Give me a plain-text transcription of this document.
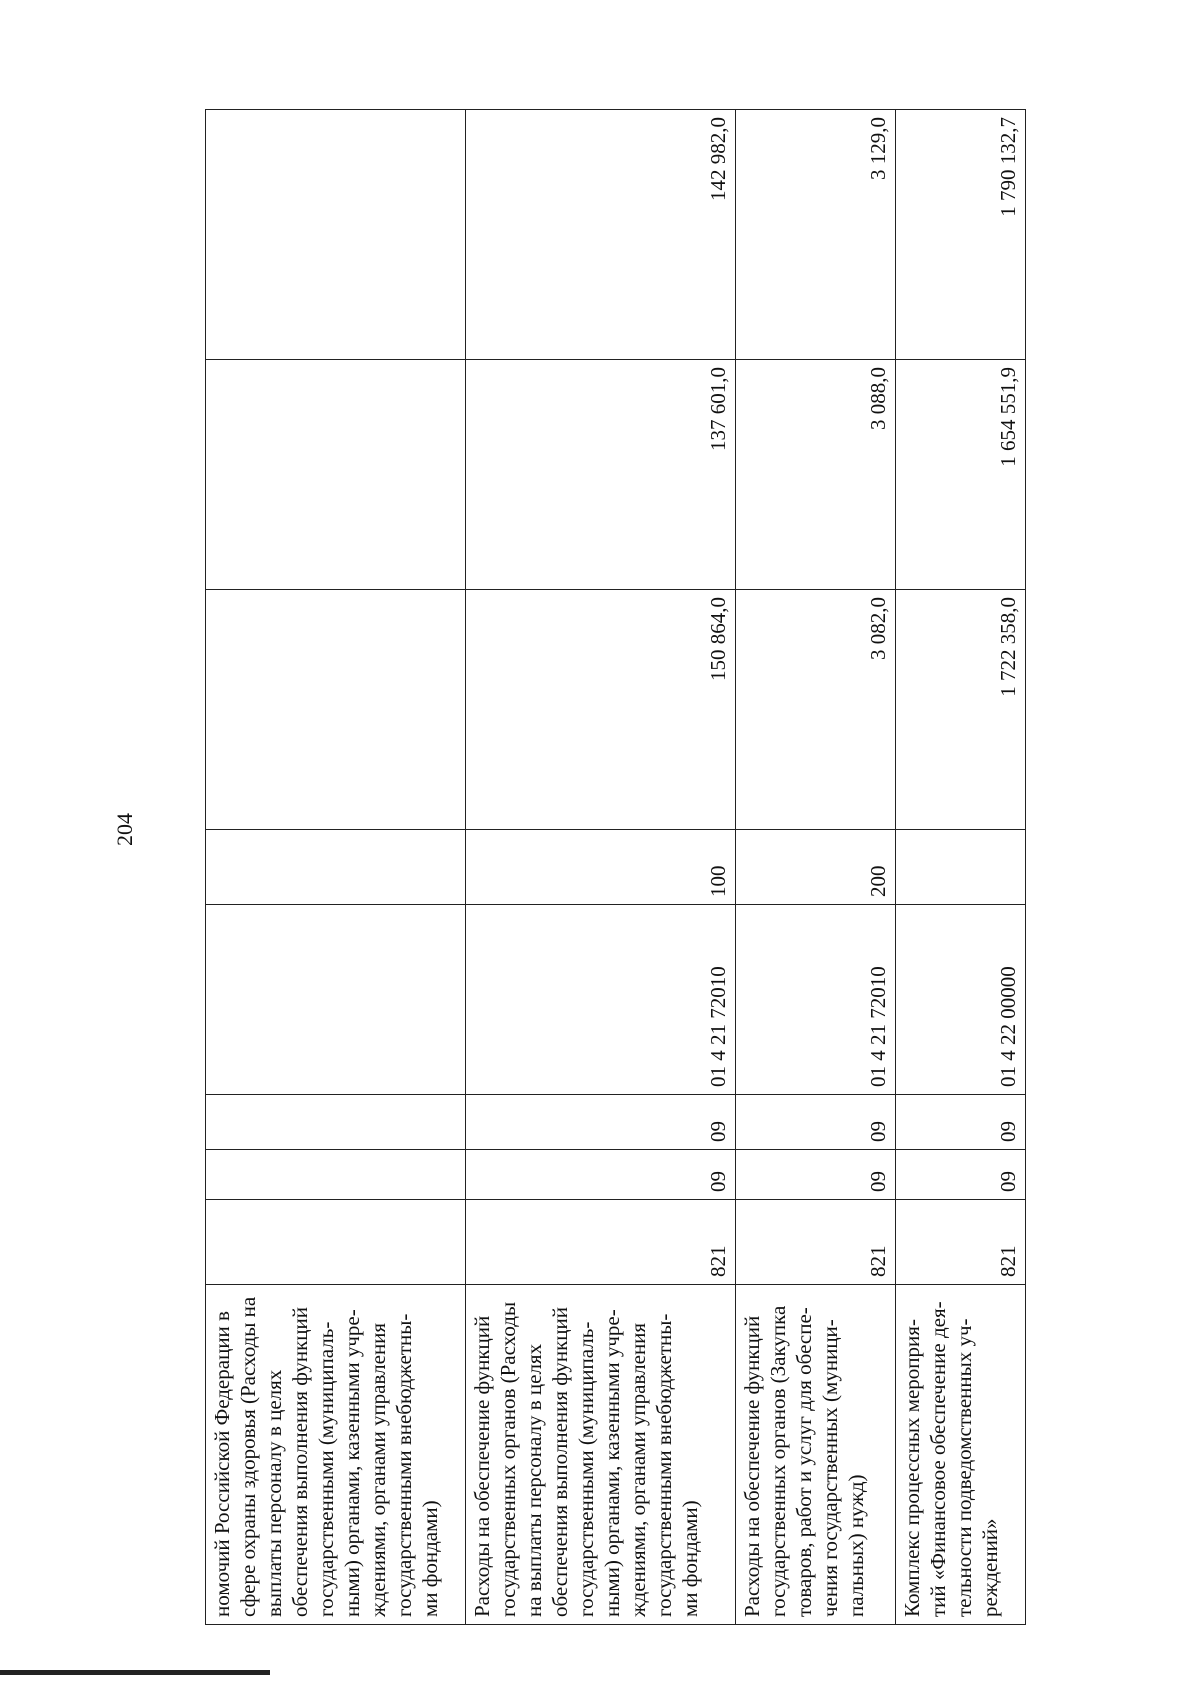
204
номочий Российской Федерации в сфере охраны здоровья (Расходы на выплаты персоналу в целях обеспечения выполнения функций государственными (муниципаль-ными) органами, казенными учре-ждениями, органами управления государственными внебюджетны-ми фондами)								
Расходы на обеспечение функций государственных органов (Расходы на выплаты персоналу в целях обеспечения выполнения функций государственными (муниципаль-ными) органами, казенными учре-ждениями, органами управления государственными внебюджетны-ми фондами)	821	09	09	01 4 21 72010	100	150 864,0	137 601,0	142 982,0
Расходы на обеспечение функций государственных органов (Закупка товаров, работ и услуг для обеспе-чения государственных (муници-пальных) нужд)	821	09	09	01 4 21 72010	200	3 082,0	3 088,0	3 129,0
Комплекс процессных мероприя-тий «Финансовое обеспечение дея-тельности подведомственных уч-реждений»	821	09	09	01 4 22 00000		1 722 358,0	1 654 551,9	1 790 132,7
